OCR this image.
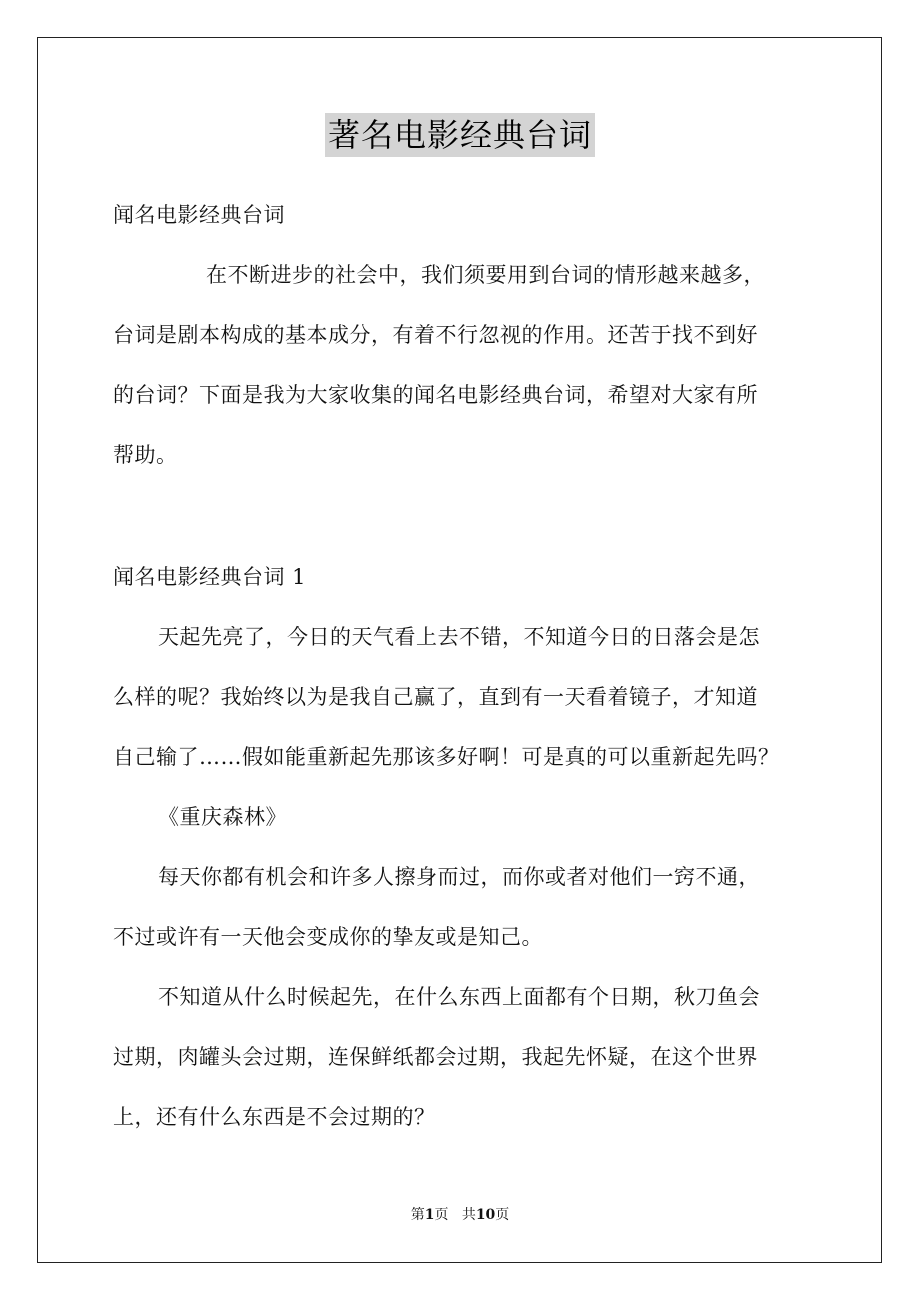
著名电影经典台词
闻名电影经典台词
在不断进步的社会中，我们须要用到台词的情形越来越多，
台词是剧本构成的基本成分，有着不行忽视的作用。还苦于找不到好
的台词？下面是我为大家收集的闻名电影经典台词，希望对大家有所
帮助。
闻名电影经典台词 1
天起先亮了，今日的天气看上去不错，不知道今日的日落会是怎
么样的呢？我始终以为是我自己赢了，直到有一天看着镜子，才知道
自己输了……假如能重新起先那该多好啊！可是真的可以重新起先吗？
《重庆森林》
每天你都有机会和许多人擦身而过，而你或者对他们一窍不通，
不过或许有一天他会变成你的挚友或是知己。
不知道从什么时候起先，在什么东西上面都有个日期，秋刀鱼会
过期，肉罐头会过期，连保鲜纸都会过期，我起先怀疑，在这个世界
上，还有什么东西是不会过期的？
第1页 共10页
